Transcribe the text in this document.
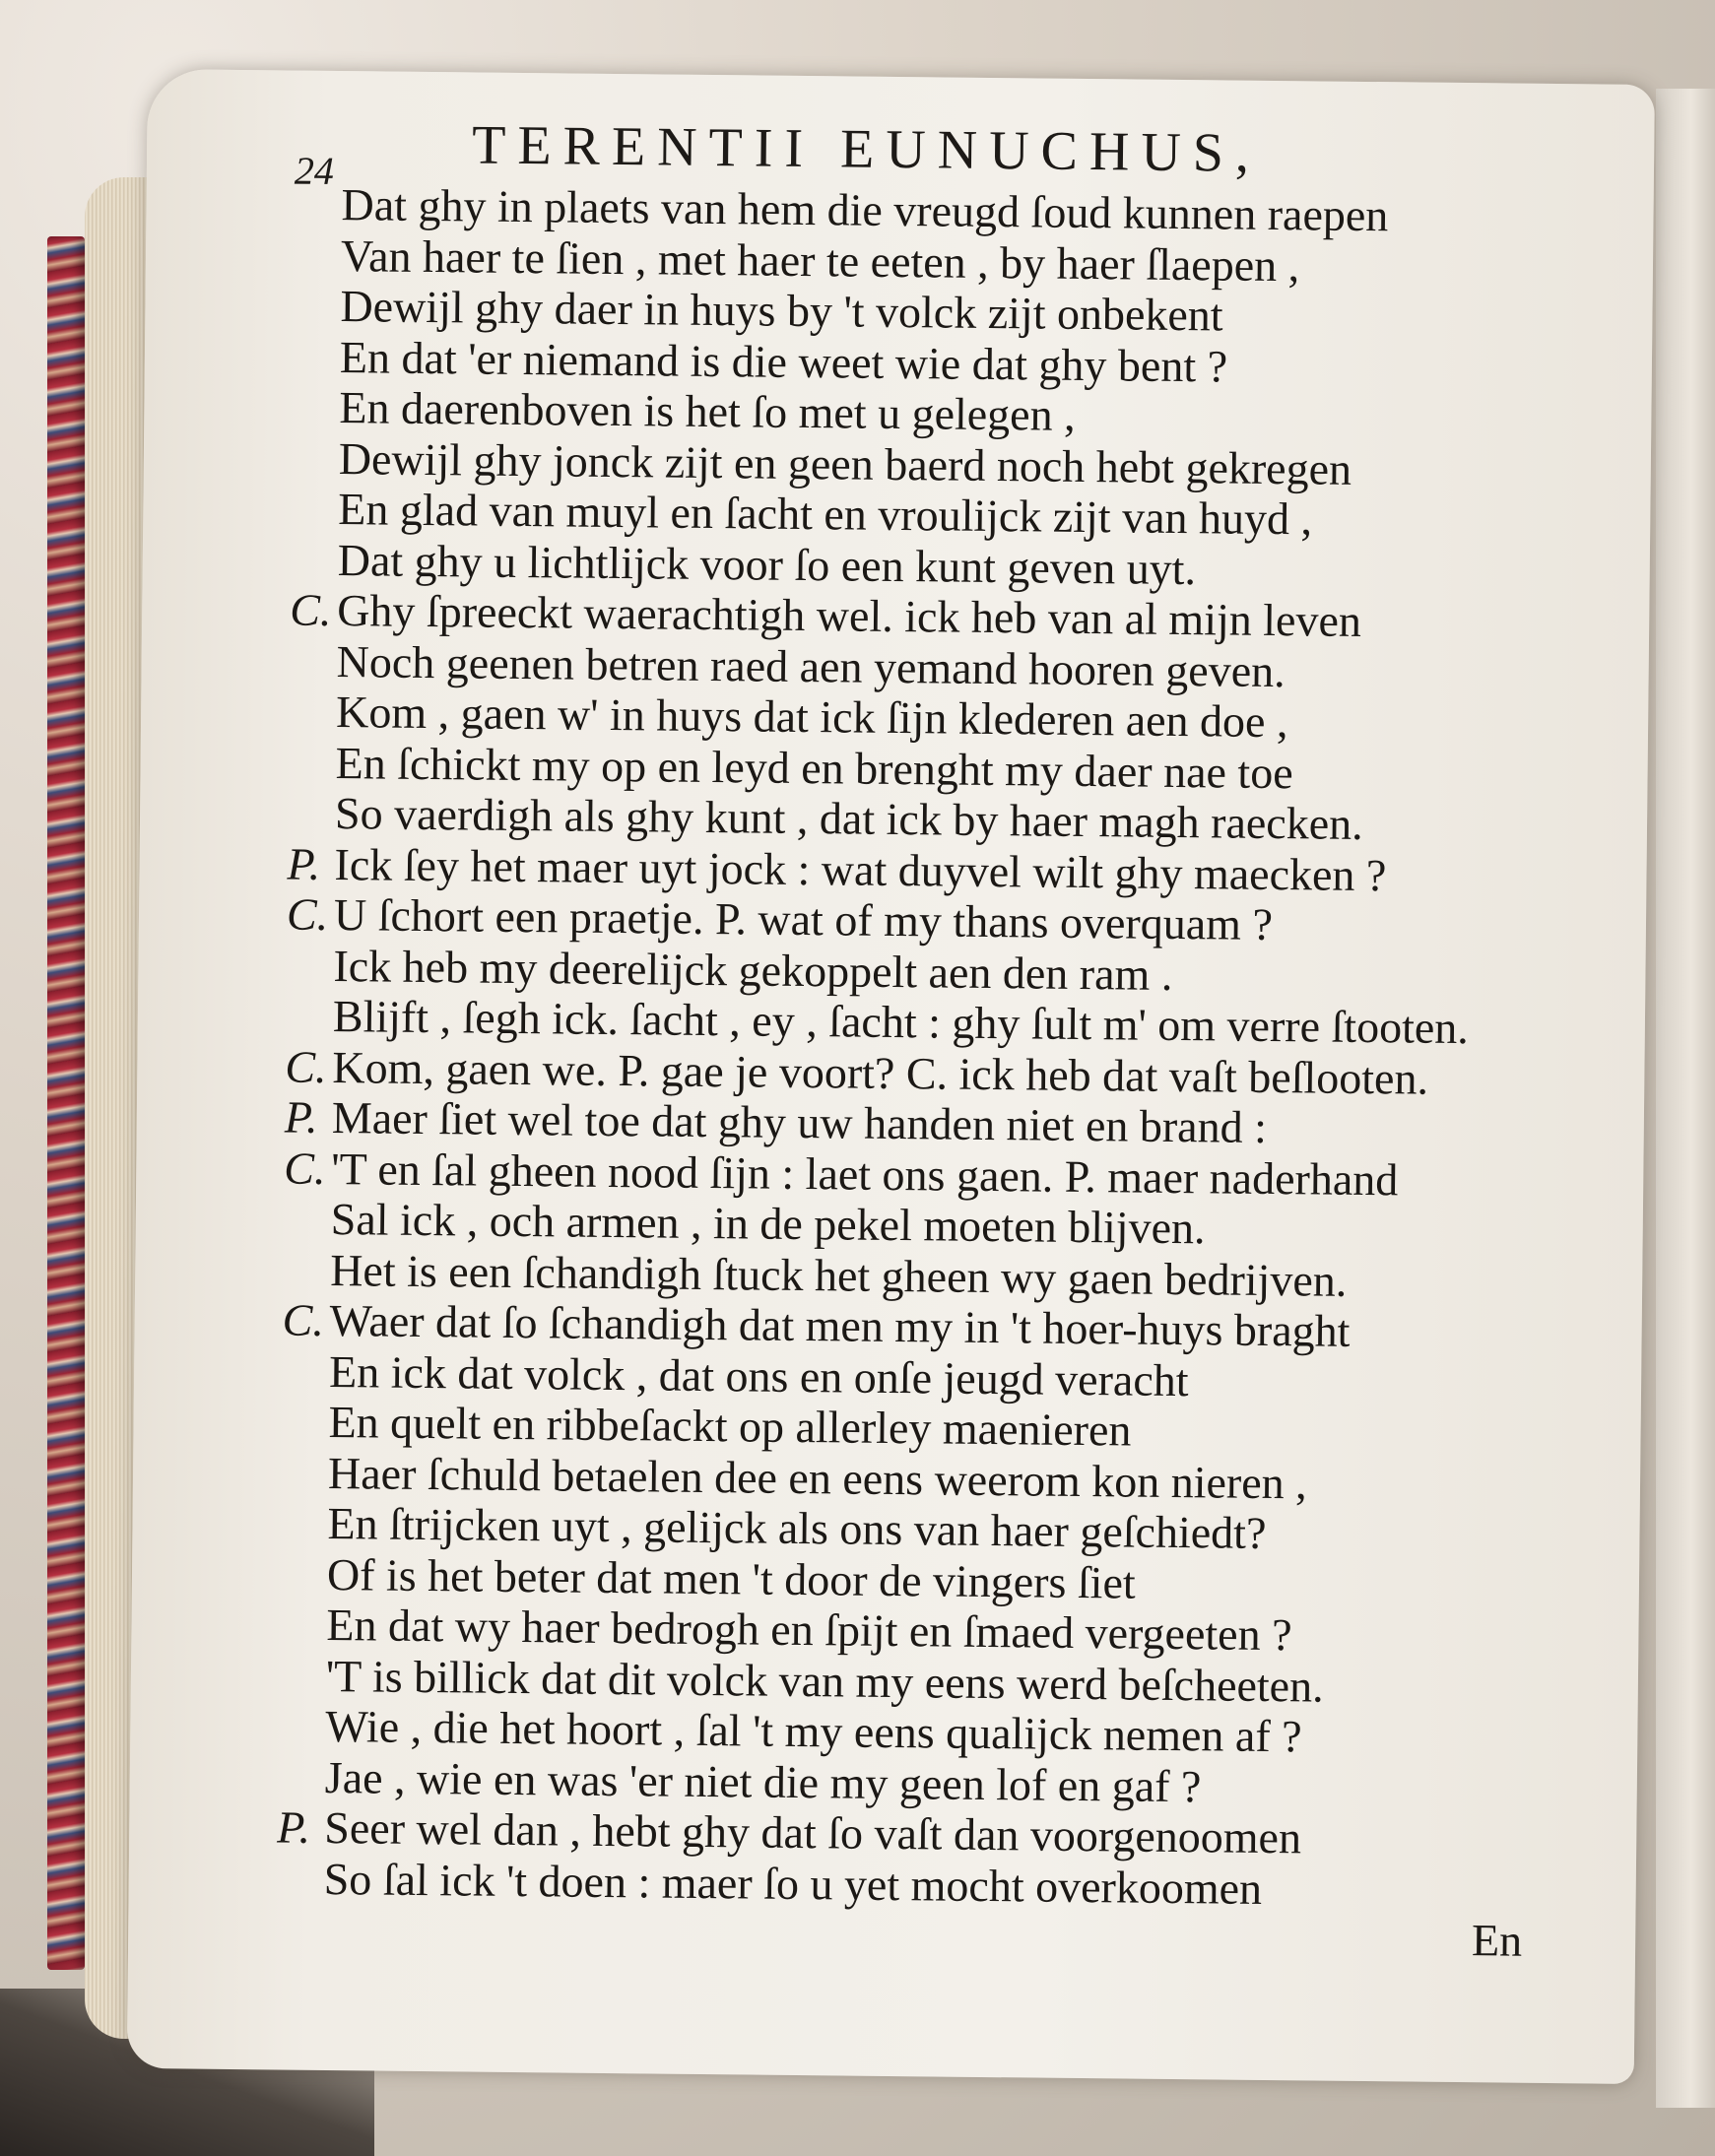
24 TERENTII EUNUCHUS,
Dat ghy in plaets van hem die vreugd ſoud kunnen raepen
Van haer te ſien , met haer te eeten , by haer ſlaepen ,
Dewijl ghy daer in huys by 't volck zijt onbekent
En dat 'er niemand is die weet wie dat ghy bent ?
En daerenboven is het ſo met u gelegen ,
Dewijl ghy jonck zijt en geen baerd noch hebt gekregen
En glad van muyl en ſacht en vroulijck zijt van huyd ,
Dat ghy u lichtlijck voor ſo een kunt geven uyt.
C. Ghy ſpreeckt waerachtigh wel. ick heb van al mijn leven
Noch geenen betren raed aen yemand hooren geven.
Kom , gaen w' in huys dat ick ſijn klederen aen doe ,
En ſchickt my op en leyd en brenght my daer nae toe
So vaerdigh als ghy kunt , dat ick by haer magh raecken.
P. Ick ſey het maer uyt jock : wat duyvel wilt ghy maecken ?
C. U ſchort een praetje. P. wat of my thans overquam ?
Ick heb my deerelijck gekoppelt aen den ram .
Blijft , ſegh ick. ſacht , ey , ſacht : ghy ſult m' om verre ſtooten.
C. Kom, gaen we. P. gae je voort? C. ick heb dat vaſt beſlooten.
P. Maer ſiet wel toe dat ghy uw handen niet en brand :
C. 'T en ſal gheen nood ſijn : laet ons gaen. P. maer naderhand
Sal ick , och armen , in de pekel moeten blijven.
Het is een ſchandigh ſtuck het gheen wy gaen bedrijven.
C. Waer dat ſo ſchandigh dat men my in 't hoer-huys braght
En ick dat volck , dat ons en onſe jeugd veracht
En quelt en ribbeſackt op allerley maenieren
Haer ſchuld betaelen dee en eens weerom kon nieren ,
En ſtrijcken uyt , gelijck als ons van haer geſchiedt?
Of is het beter dat men 't door de vingers ſiet
En dat wy haer bedrogh en ſpijt en ſmaed vergeeten ?
'T is billick dat dit volck van my eens werd beſcheeten.
Wie , die het hoort , ſal 't my eens qualijck nemen af ?
Jae , wie en was 'er niet die my geen lof en gaf ?
P. Seer wel dan , hebt ghy dat ſo vaſt dan voorgenoomen
So ſal ick 't doen : maer ſo u yet mocht overkoomen
En
